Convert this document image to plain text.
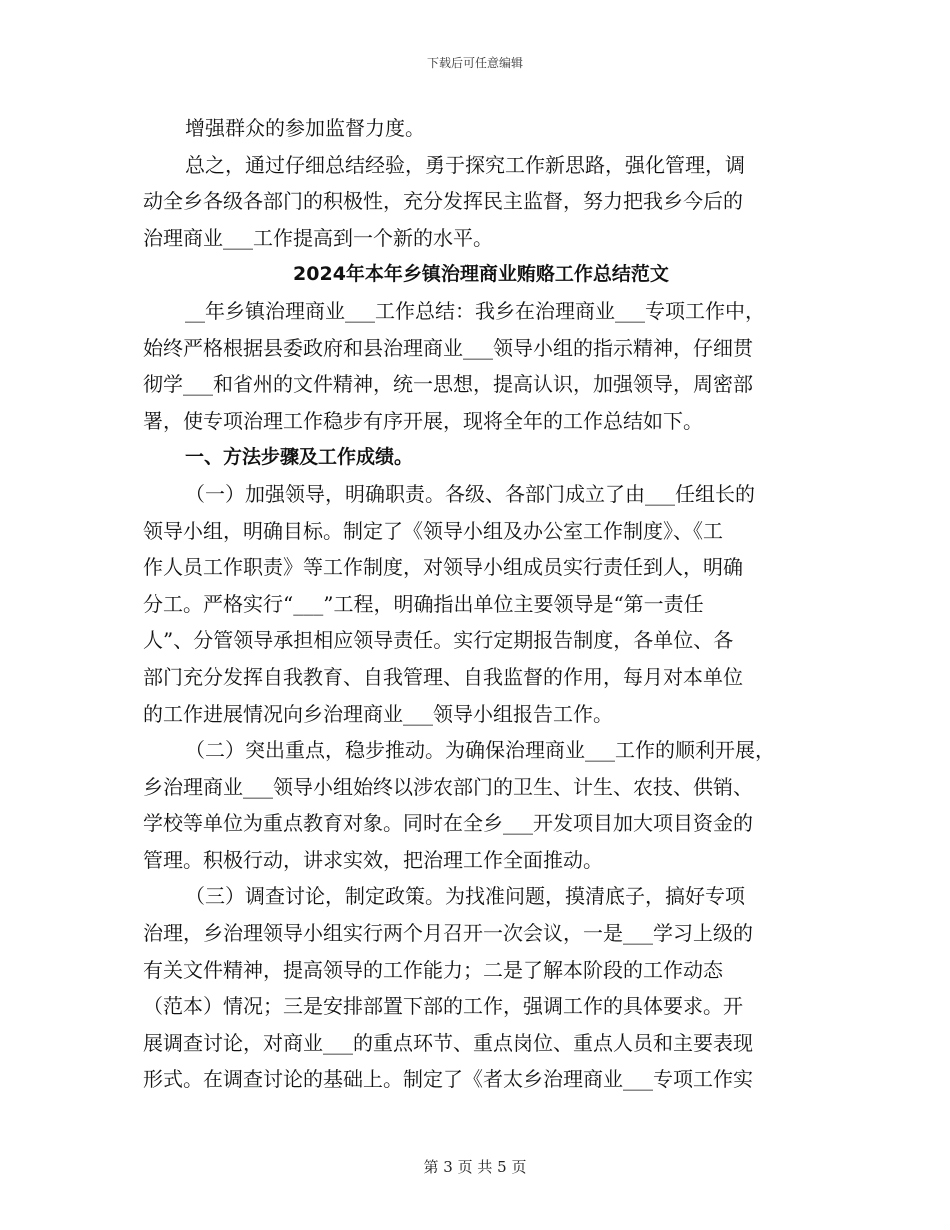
下载后可任意编辑
增强群众的参加监督力度。
总之，通过仔细总结经验，勇于探究工作新思路，强化管理，调
动全乡各级各部门的积极性，充分发挥民主监督，努力把我乡今后的
治理商业___工作提高到一个新的水平。
2024年本年乡镇治理商业贿赂工作总结范文
__年乡镇治理商业___工作总结：我乡在治理商业___专项工作中，
始终严格根据县委政府和县治理商业___领导小组的指示精神，仔细贯
彻学___和省州的文件精神，统一思想，提高认识，加强领导，周密部
署，使专项治理工作稳步有序开展，现将全年的工作总结如下。
一、方法步骤及工作成绩。
（一）加强领导，明确职责。各级、各部门成立了由___任组长的
领导小组，明确目标。制定了《领导小组及办公室工作制度》、《工
作人员工作职责》等工作制度，对领导小组成员实行责任到人，明确
分工。严格实行“___”工程，明确指出单位主要领导是“第一责任
人”、分管领导承担相应领导责任。实行定期报告制度，各单位、各
部门充分发挥自我教育、自我管理、自我监督的作用，每月对本单位
的工作进展情况向乡治理商业___领导小组报告工作。
（二）突出重点，稳步推动。为确保治理商业___工作的顺利开展，
乡治理商业___领导小组始终以涉农部门的卫生、计生、农技、供销、
学校等单位为重点教育对象。同时在全乡___开发项目加大项目资金的
管理。积极行动，讲求实效，把治理工作全面推动。
（三）调查讨论，制定政策。为找准问题，摸清底子，搞好专项
治理，乡治理领导小组实行两个月召开一次会议，一是___学习上级的
有关文件精神，提高领导的工作能力；二是了解本阶段的工作动态
（范本）情况；三是安排部置下部的工作，强调工作的具体要求。开
展调查讨论，对商业___的重点环节、重点岗位、重点人员和主要表现
形式。在调查讨论的基础上。制定了《者太乡治理商业___专项工作实
第 3 页 共 5 页
